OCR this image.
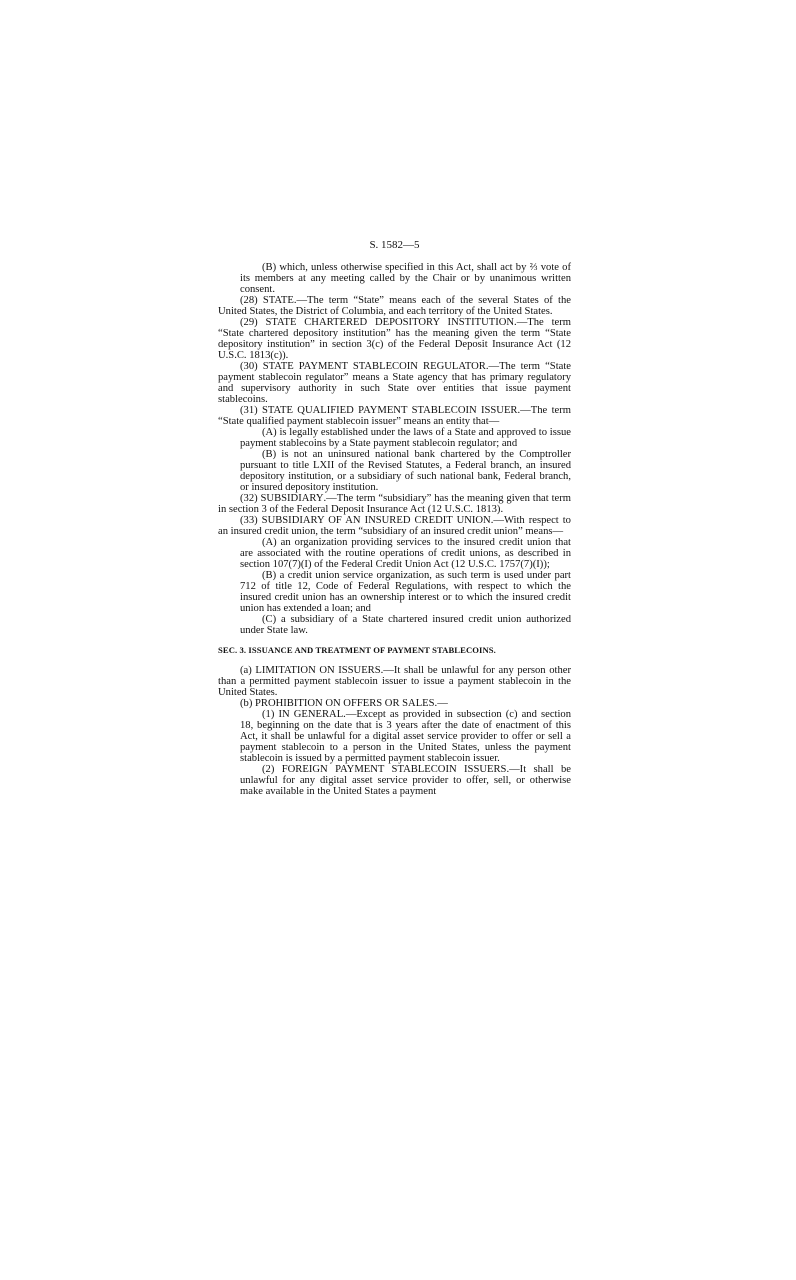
S. 1582—5

(B) which, unless otherwise specified in this Act, shall act by ⅔ vote of its members at any meeting called by the Chair or by unanimous written consent.

(28) STATE.—The term “State” means each of the several States of the United States, the District of Columbia, and each territory of the United States.

(29) STATE CHARTERED DEPOSITORY INSTITUTION.—The term “State chartered depository institution” has the meaning given the term “State depository institution” in section 3(c) of the Federal Deposit Insurance Act (12 U.S.C. 1813(c)).

(30) STATE PAYMENT STABLECOIN REGULATOR.—The term “State payment stablecoin regulator” means a State agency that has primary regulatory and supervisory authority in such State over entities that issue payment stablecoins.

(31) STATE QUALIFIED PAYMENT STABLECOIN ISSUER.—The term “State qualified payment stablecoin issuer” means an entity that—

(A) is legally established under the laws of a State and approved to issue payment stablecoins by a State payment stablecoin regulator; and

(B) is not an uninsured national bank chartered by the Comptroller pursuant to title LXII of the Revised Statutes, a Federal branch, an insured depository institution, or a subsidiary of such national bank, Federal branch, or insured depository institution.

(32) SUBSIDIARY.—The term “subsidiary” has the meaning given that term in section 3 of the Federal Deposit Insurance Act (12 U.S.C. 1813).

(33) SUBSIDIARY OF AN INSURED CREDIT UNION.—With respect to an insured credit union, the term “subsidiary of an insured credit union” means—

(A) an organization providing services to the insured credit union that are associated with the routine operations of credit unions, as described in section 107(7)(I) of the Federal Credit Union Act (12 U.S.C. 1757(7)(I));

(B) a credit union service organization, as such term is used under part 712 of title 12, Code of Federal Regulations, with respect to which the insured credit union has an ownership interest or to which the insured credit union has extended a loan; and

(C) a subsidiary of a State chartered insured credit union authorized under State law.

SEC. 3. ISSUANCE AND TREATMENT OF PAYMENT STABLECOINS.

(a) LIMITATION ON ISSUERS.—It shall be unlawful for any person other than a permitted payment stablecoin issuer to issue a payment stablecoin in the United States.

(b) PROHIBITION ON OFFERS OR SALES.—

(1) IN GENERAL.—Except as provided in subsection (c) and section 18, beginning on the date that is 3 years after the date of enactment of this Act, it shall be unlawful for a digital asset service provider to offer or sell a payment stablecoin to a person in the United States, unless the payment stablecoin is issued by a permitted payment stablecoin issuer.

(2) FOREIGN PAYMENT STABLECOIN ISSUERS.—It shall be unlawful for any digital asset service provider to offer, sell, or otherwise make available in the United States a payment
